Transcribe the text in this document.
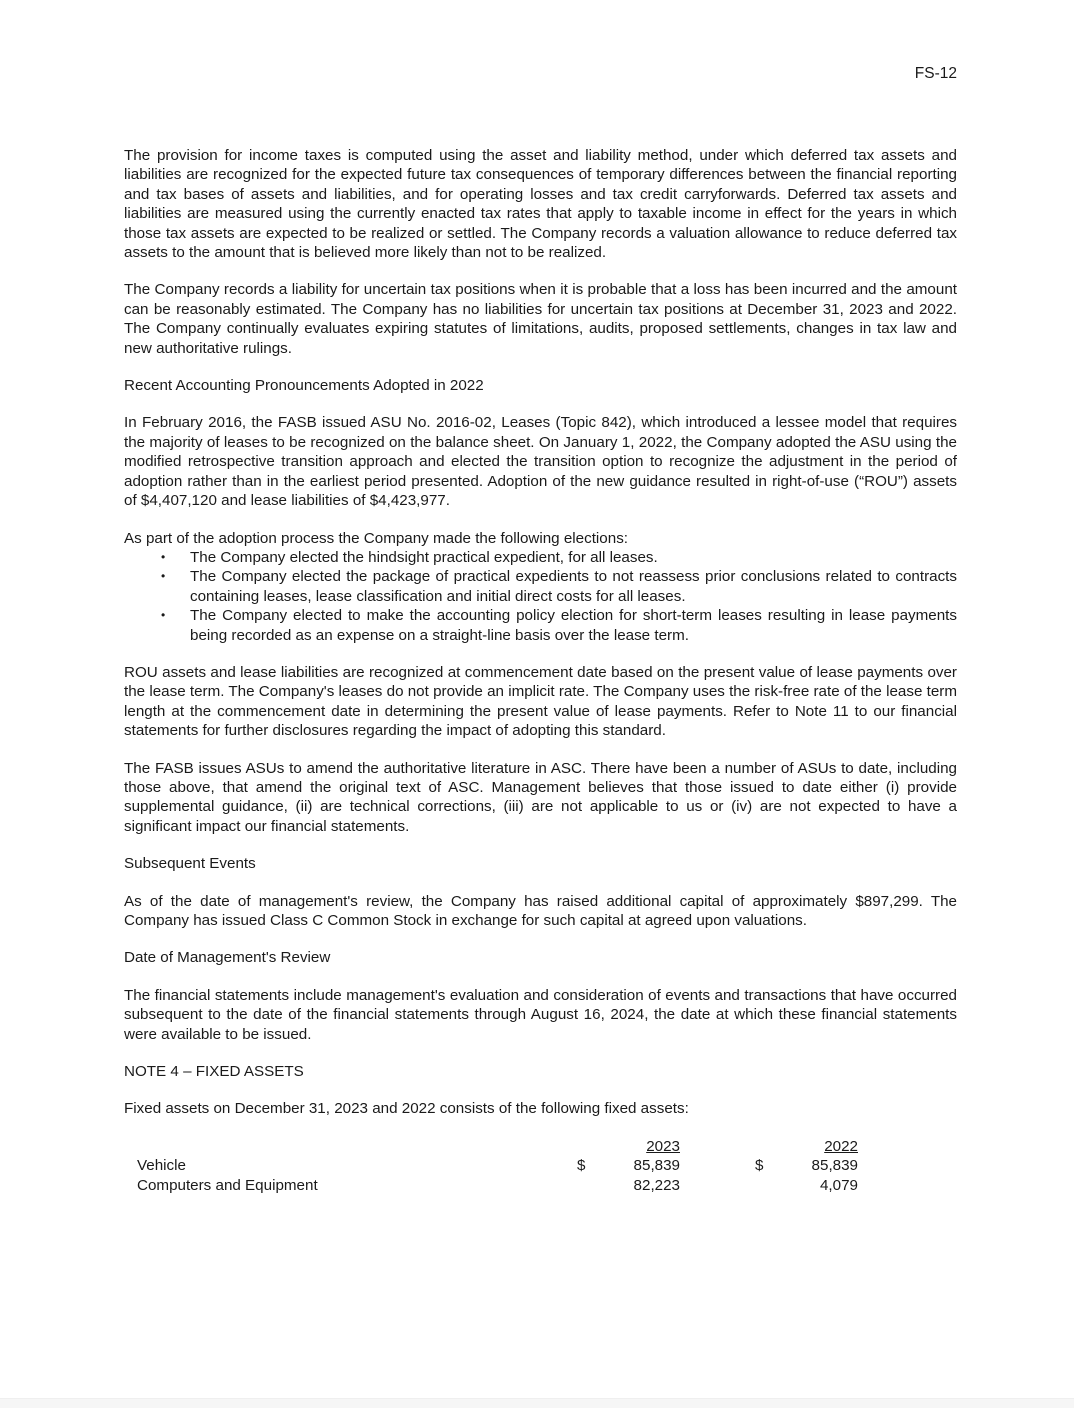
FS-12

The provision for income taxes is computed using the asset and liability method, under which deferred tax assets and liabilities are recognized for the expected future tax consequences of temporary differences between the financial reporting and tax bases of assets and liabilities, and for operating losses and tax credit carryforwards. Deferred tax assets and liabilities are measured using the currently enacted tax rates that apply to taxable income in effect for the years in which those tax assets are expected to be realized or settled. The Company records a valuation allowance to reduce deferred tax assets to the amount that is believed more likely than not to be realized.

The Company records a liability for uncertain tax positions when it is probable that a loss has been incurred and the amount can be reasonably estimated. The Company has no liabilities for uncertain tax positions at December 31, 2023 and 2022. The Company continually evaluates expiring statutes of limitations, audits, proposed settlements, changes in tax law and new authoritative rulings.

Recent Accounting Pronouncements Adopted in 2022

In February 2016, the FASB issued ASU No. 2016-02, Leases (Topic 842), which introduced a lessee model that requires the majority of leases to be recognized on the balance sheet. On January 1, 2022, the Company adopted the ASU using the modified retrospective transition approach and elected the transition option to recognize the adjustment in the period of adoption rather than in the earliest period presented. Adoption of the new guidance resulted in right-of-use (“ROU”) assets of $4,407,120 and lease liabilities of $4,423,977.

As part of the adoption process the Company made the following elections:

• The Company elected the hindsight practical expedient, for all leases.
• The Company elected the package of practical expedients to not reassess prior conclusions related to contracts containing leases, lease classification and initial direct costs for all leases.
• The Company elected to make the accounting policy election for short-term leases resulting in lease payments being recorded as an expense on a straight-line basis over the lease term.

ROU assets and lease liabilities are recognized at commencement date based on the present value of lease payments over the lease term. The Company's leases do not provide an implicit rate. The Company uses the risk-free rate of the lease term length at the commencement date in determining the present value of lease payments. Refer to Note 11 to our financial statements for further disclosures regarding the impact of adopting this standard.

The FASB issues ASUs to amend the authoritative literature in ASC. There have been a number of ASUs to date, including those above, that amend the original text of ASC. Management believes that those issued to date either (i) provide supplemental guidance, (ii) are technical corrections, (iii) are not applicable to us or (iv) are not expected to have a significant impact our financial statements.

Subsequent Events

As of the date of management's review, the Company has raised additional capital of approximately $897,299. The Company has issued Class C Common Stock in exchange for such capital at agreed upon valuations.

Date of Management's Review

The financial statements include management's evaluation and consideration of events and transactions that have occurred subsequent to the date of the financial statements through August 16, 2024, the date at which these financial statements were available to be issued.

NOTE 4 – FIXED ASSETS

Fixed assets on December 31, 2023 and 2022 consists of the following fixed assets:

2023	2022
Vehicle	$	85,839	$	85,839
Computers and Equipment	82,223	4,079
